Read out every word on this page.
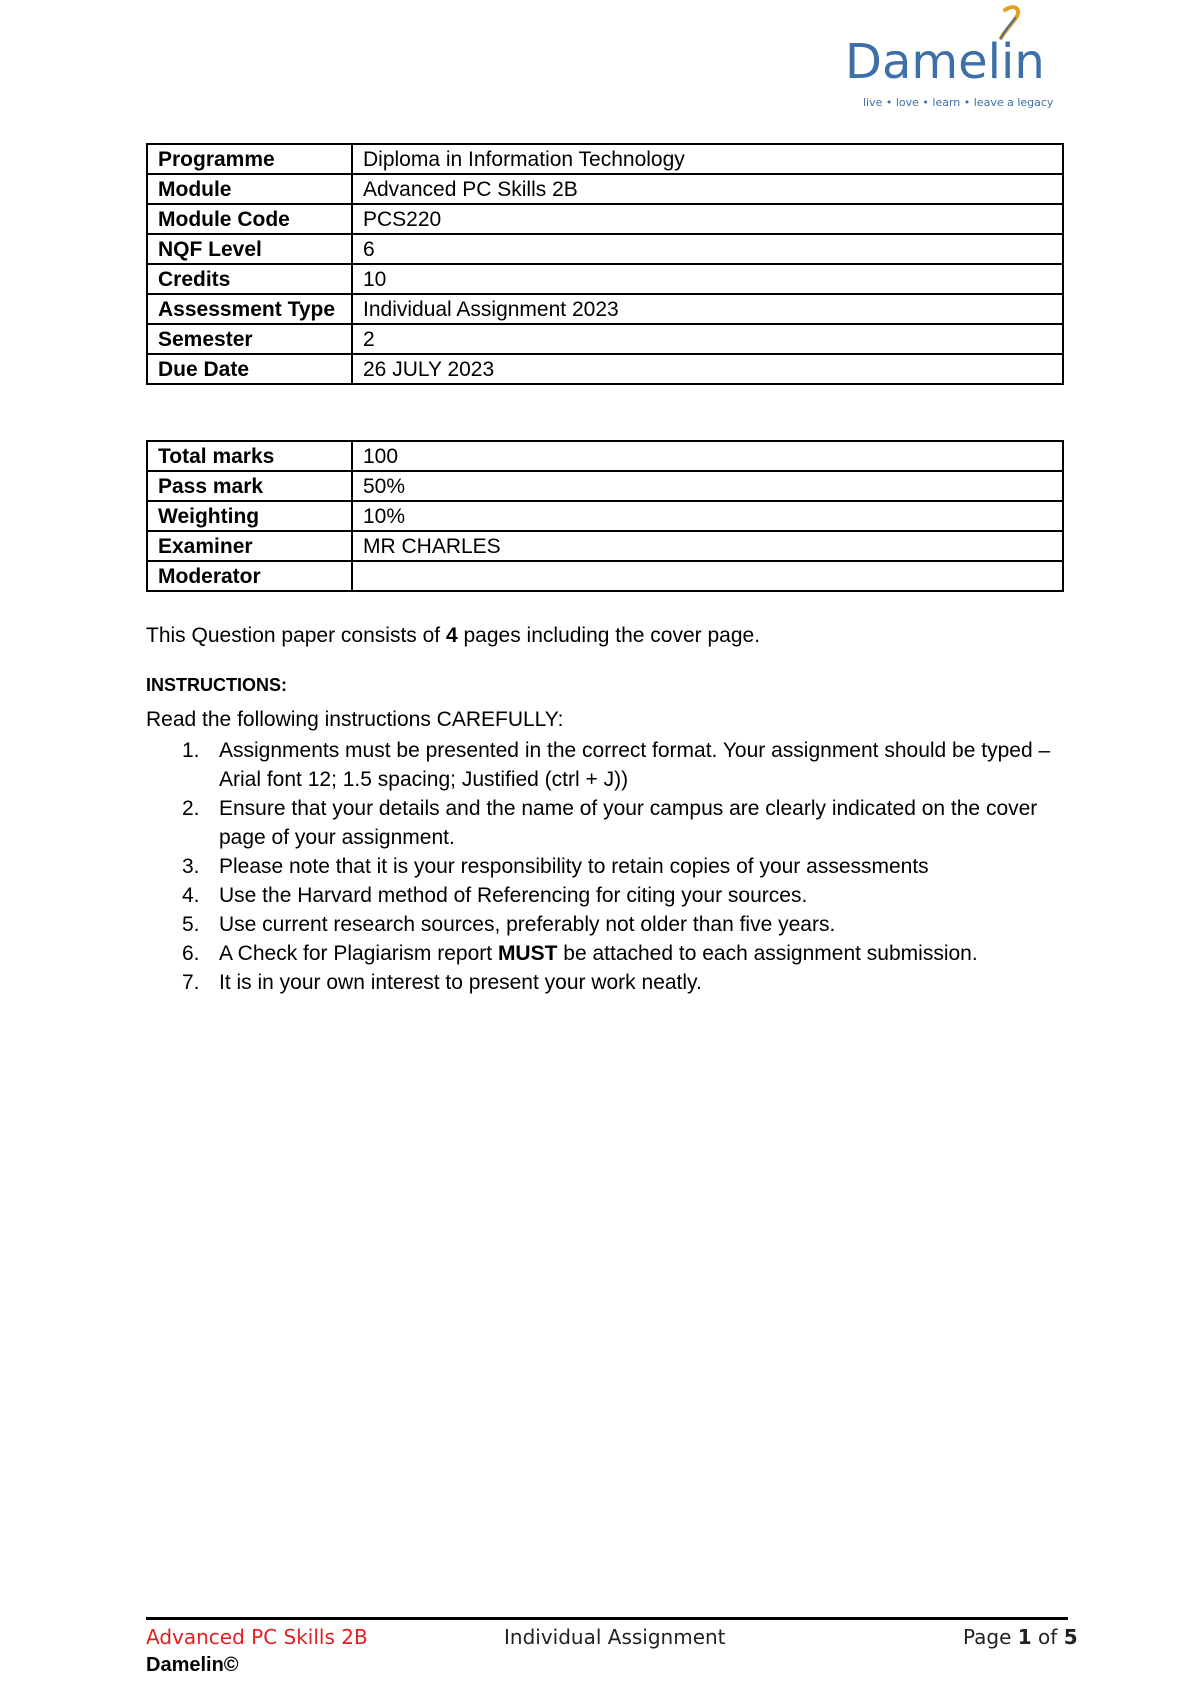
Damelin
live • love • learn • leave a legacy
Programme	Diploma in Information Technology
Module	Advanced PC Skills 2B
Module Code	PCS220
NQF Level	6
Credits	10
Assessment Type	Individual Assignment 2023
Semester	2
Due Date	26 JULY 2023
Total marks	100
Pass mark	50%
Weighting	10%
Examiner	MR CHARLES
Moderator	
This Question paper consists of 4 pages including the cover page.
INSTRUCTIONS:
Read the following instructions CAREFULLY:
1. Assignments must be presented in the correct format. Your assignment should be typed – Arial font 12; 1.5 spacing; Justified (ctrl + J))
2. Ensure that your details and the name of your campus are clearly indicated on the cover page of your assignment.
3. Please note that it is your responsibility to retain copies of your assessments
4. Use the Harvard method of Referencing for citing your sources.
5. Use current research sources, preferably not older than five years.
6. A Check for Plagiarism report MUST be attached to each assignment submission.
7. It is in your own interest to present your work neatly.
Advanced PC Skills 2B	Individual Assignment	Page 1 of 5
Damelin©
